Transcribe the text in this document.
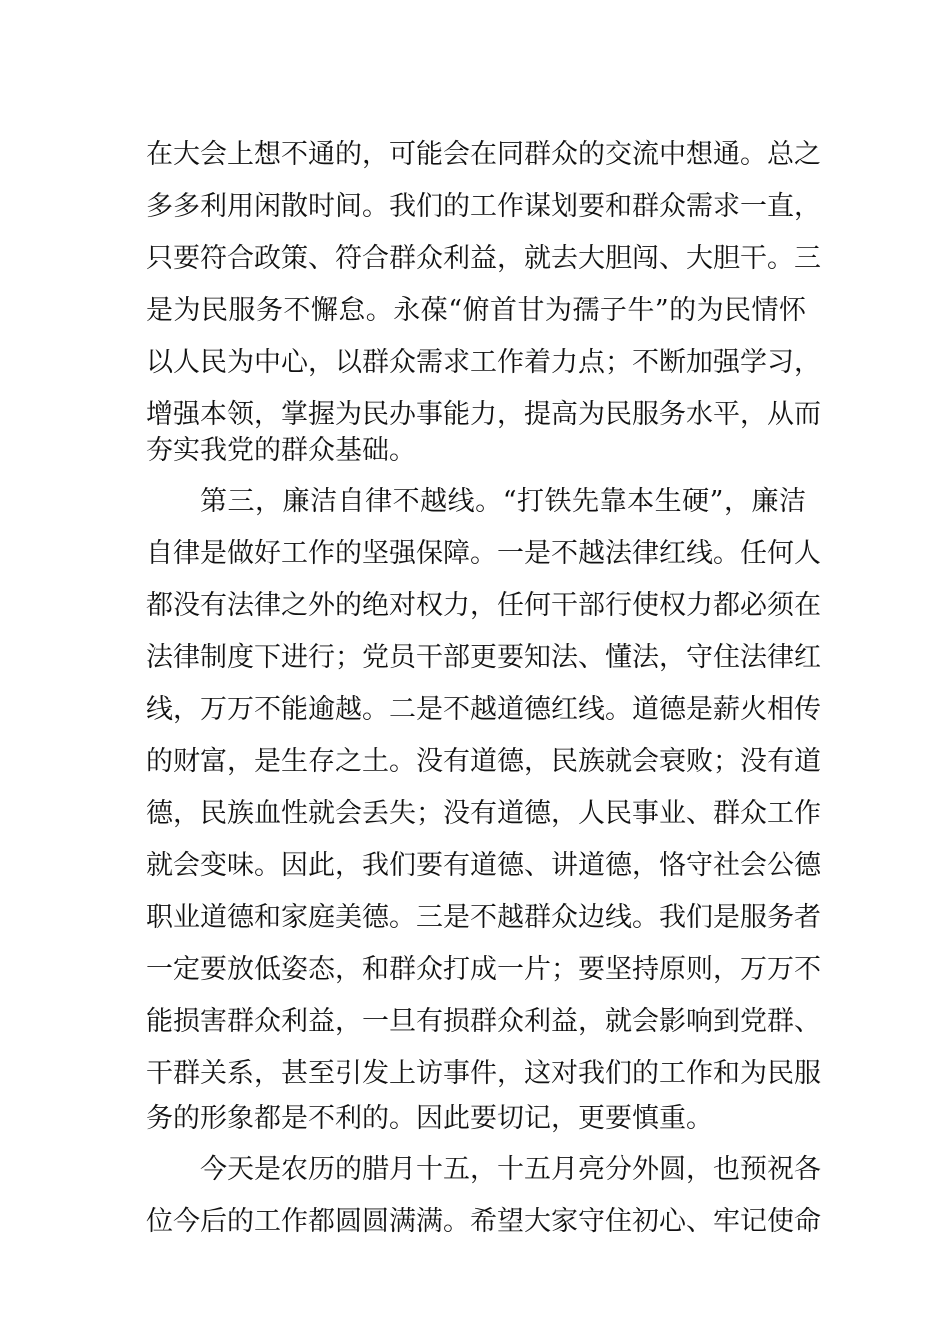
在大会上想不通的，可能会在同群众的交流中想通。总之
多多利用闲散时间。我们的工作谋划要和群众需求一直，
只要符合政策、符合群众利益，就去大胆闯、大胆干。三
是为民服务不懈怠。永葆“俯首甘为孺子牛”的为民情怀
以人民为中心，以群众需求工作着力点；不断加强学习，
增强本领，掌握为民办事能力，提高为民服务水平，从而
夯实我党的群众基础。
第三，廉洁自律不越线。“打铁先靠本生硬”，廉洁
自律是做好工作的坚强保障。一是不越法律红线。任何人
都没有法律之外的绝对权力，任何干部行使权力都必须在
法律制度下进行；党员干部更要知法、懂法，守住法律红
线，万万不能逾越。二是不越道德红线。道德是薪火相传
的财富，是生存之土。没有道德，民族就会衰败；没有道
德，民族血性就会丢失；没有道德，人民事业、群众工作
就会变味。因此，我们要有道德、讲道德，恪守社会公德
职业道德和家庭美德。三是不越群众边线。我们是服务者
一定要放低姿态，和群众打成一片；要坚持原则，万万不
能损害群众利益，一旦有损群众利益，就会影响到党群、
干群关系，甚至引发上访事件，这对我们的工作和为民服
务的形象都是不利的。因此要切记，更要慎重。
今天是农历的腊月十五，十五月亮分外圆，也预祝各
位今后的工作都圆圆满满。希望大家守住初心、牢记使命
